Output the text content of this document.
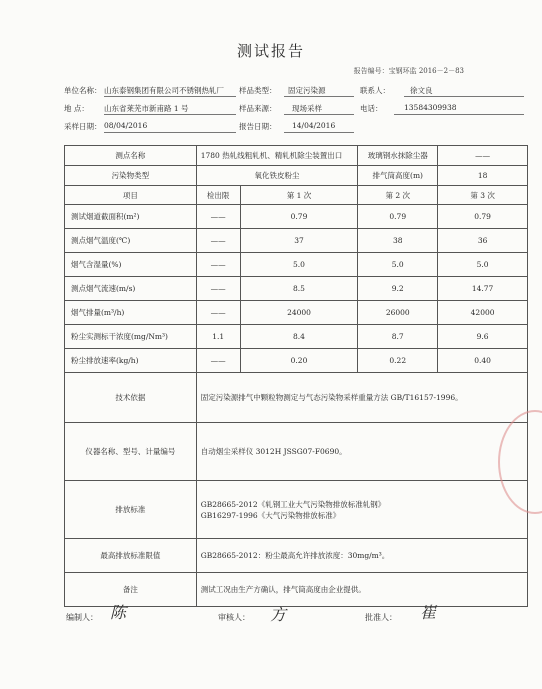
测试报告
报告编号：宝钢环监 2016－2－83
单位名称： 山东泰钢集团有限公司不锈钢热轧厂 样品类型： 固定污染源	联系人：	徐文良
地 点： 山东省莱芜市新甫路 1 号	样品来源： 现场采样	电话：	13584309938
采样日期： 08/04/2016	报告日期： 14/04/2016
测点名称	1780 热轧线粗轧机、精轧机除尘装置出口		玻璃钢水抹除尘器	——
污染物类型	氧化铁皮粉尘		排气筒高度(m)	18
项目	检出限	第 1 次	第 2 次	第 3 次
测试烟道截面积(m²)	——	0.79	0.79	0.79
测点烟气温度(℃)	——	37	38	36
烟气含湿量(%)	——	5.0	5.0	5.0
测点烟气流速(m/s)	——	8.5	9.2	14.77
烟气排量(m³/h)	——	24000	26000	42000
粉尘实测标干浓度(mg/Nm³)	1.1	8.4	8.7	9.6
粉尘排放速率(kg/h)	——	0.20	0.22	0.40
技术依据	固定污染源排气中颗粒物测定与气态污染物采样重量方法 GB/T16157-1996。			
仪器名称、型号、计量编号	自动烟尘采样仪 3012H JSSG07-F0690。			
排放标准	GB28665-2012《轧钢工业大气污染物排放标准轧钢》
GB16297-1996《大气污染物排放标准》			

最高排放标准限值	GB28665-2012：粉尘最高允许排放浓度：30mg/m³。			
备注	测试工况由生产方确认，排气筒高度由企业提供。			
编制人： 陈	审核人： 方	批准人： 崔
